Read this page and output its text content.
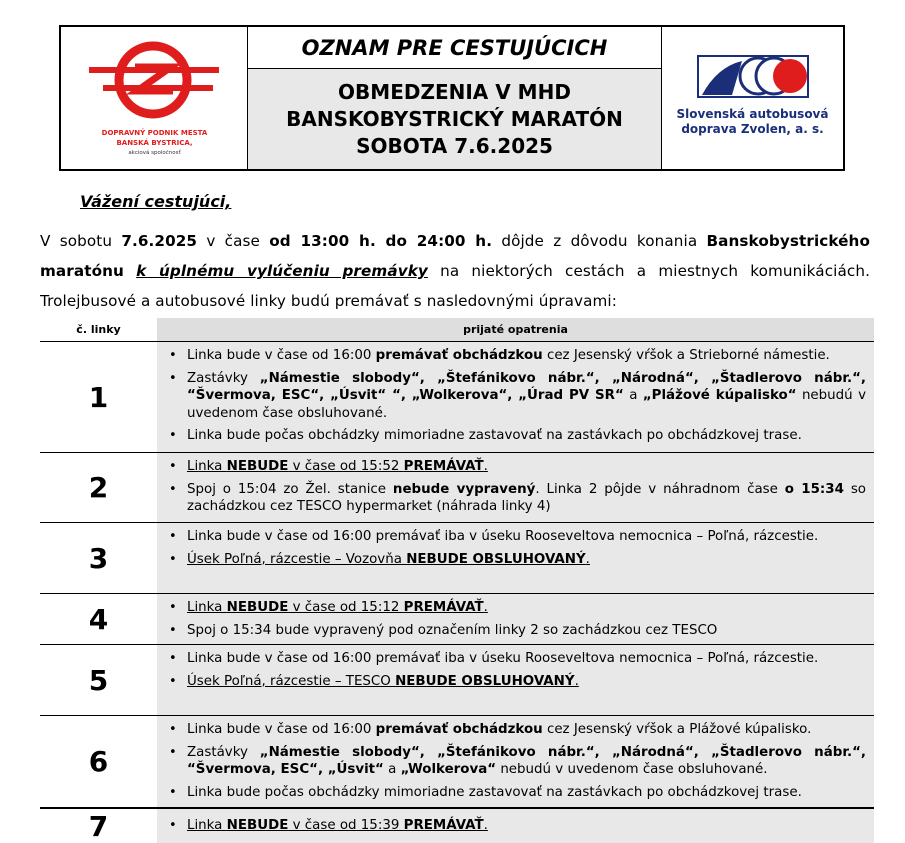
DOPRAVNÝ PODNIK MESTA
BANSKÁ BYSTRICA,
akciová spoločnosť
OZNAM PRE CESTUJÚCICH
OBMEDZENIA V MHD
BANSKOBYSTRICKÝ MARATÓN
SOBOTA 7.6.2025
Slovenská autobusová
doprava Zvolen, a. s.
Vážení cestujúci,
V sobotu 7.6.2025 v čase od 13:00 h. do 24:00 h. dôjde z dôvodu konania Banskobystrického maratónu k úplnému vylúčeniu premávky na niektorých cestách a miestnych komunikáciách. Trolejbusové a autobusové linky budú premávať s nasledovnými úpravami:
č. linky	prijaté opatrenia
1
• Linka bude v čase od 16:00 premávať obchádzkou cez Jesenský vŕšok a Strieborné námestie.
• Zastávky „Námestie slobody“, „Štefánikovo nábr.“, „Národná“, „Štadlerovo nábr.“, “Švermova, ESC“, „Úsvit“ “, „Wolkerova“, „Úrad PV SR“ a „Plážové kúpalisko“ nebudú v uvedenom čase obsluhované.
• Linka bude počas obchádzky mimoriadne zastavovať na zastávkach po obchádzkovej trase.
2
• Linka NEBUDE v čase od 15:52 PREMÁVAŤ.
• Spoj o 15:04 zo Žel. stanice nebude vypravený. Linka 2 pôjde v náhradnom čase o 15:34 so zachádzkou cez TESCO hypermarket (náhrada linky 4)
3
• Linka bude v čase od 16:00 premávať iba v úseku Rooseveltova nemocnica – Poľná, rázcestie.
• Úsek Poľná, rázcestie – Vozovňa NEBUDE OBSLUHOVANÝ.
4	• Linka NEBUDE v čase od 15:12 PREMÁVAŤ.
• Spoj o 15:34 bude vypravený pod označením linky 2 so zachádzkou cez TESCO
5
• Linka bude v čase od 16:00 premávať iba v úseku Rooseveltova nemocnica – Poľná, rázcestie.
• Úsek Poľná, rázcestie – TESCO NEBUDE OBSLUHOVANÝ.
6
• Linka bude v čase od 16:00 premávať obchádzkou cez Jesenský vŕšok a Plážové kúpalisko.
• Zastávky „Námestie slobody“, „Štefánikovo nábr.“, „Národná“, „Štadlerovo nábr.“, “Švermova, ESC“, „Úsvit“ a „Wolkerova“ nebudú v uvedenom čase obsluhované.
• Linka bude počas obchádzky mimoriadne zastavovať na zastávkach po obchádzkovej trase.
7	• Linka NEBUDE v čase od 15:39 PREMÁVAŤ.
